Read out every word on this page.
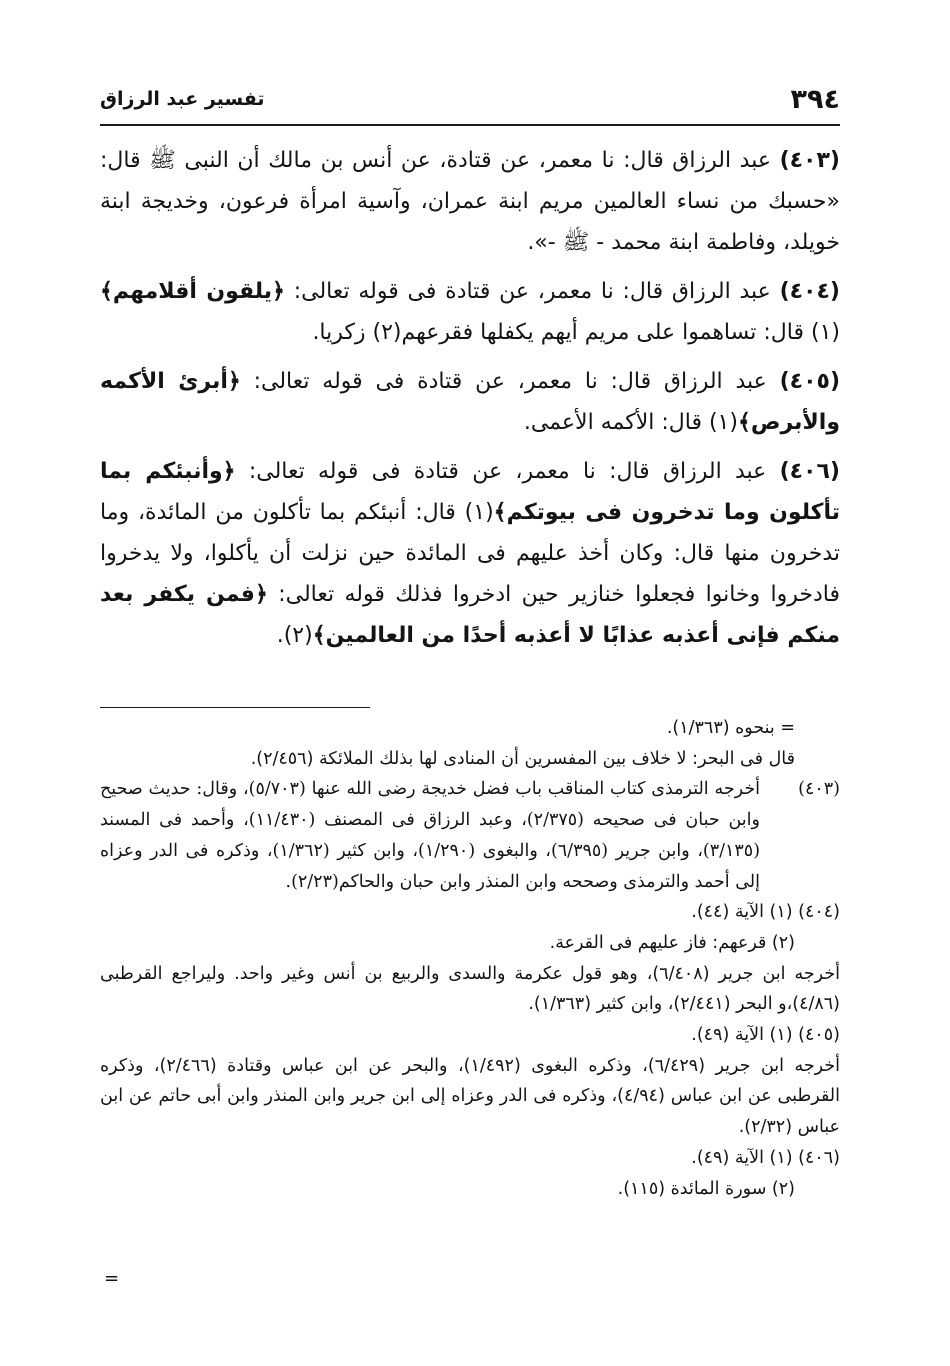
٣٩٤
تفسير عبد الرزاق

(٤٠٣) عبد الرزاق قال: نا معمر، عن قتادة، عن أنس بن مالك أن النبى ﷺ قال: «حسبك من نساء العالمين مريم ابنة عمران، وآسية امرأة فرعون، وخديجة ابنة خويلد، وفاطمة ابنة محمد - ﷺ -».

(٤٠٤) عبد الرزاق قال: نا معمر، عن قتادة فى قوله تعالى: ﴿يلقون أقلامهم﴾(١) قال: تساهموا على مريم أيهم يكفلها فقرعهم(٢) زكريا.

(٤٠٥) عبد الرزاق قال: نا معمر، عن قتادة فى قوله تعالى: ﴿أبرئ الأكمه والأبرص﴾(١) قال: الأكمه الأعمى.

(٤٠٦) عبد الرزاق قال: نا معمر، عن قتادة فى قوله تعالى: ﴿وأنبئكم بما تأكلون وما تدخرون فى بيوتكم﴾(١) قال: أنبئكم بما تأكلون من المائدة، وما تدخرون منها قال: وكان أخذ عليهم فى المائدة حين نزلت أن يأكلوا، ولا يدخروا فادخروا وخانوا فجعلوا خنازير حين ادخروا فذلك قوله تعالى: ﴿فمن يكفر بعد منكم فإنى أعذبه عذابًا لا أعذبه أحدًا من العالمين﴾(٢).

= بنحوه (١/٣٦٣).
قال فى البحر: لا خلاف بين المفسرين أن المنادى لها بذلك الملائكة (٢/٤٥٦).
(٤٠٣)
أخرجه الترمذى كتاب المناقب باب فضل خديجة رضى الله عنها (٥/٧٠٣)، وقال: حديث صحيح وابن حبان فى صحيحه (٢/٣٧٥)، وعبد الرزاق فى المصنف (١١/٤٣٠)، وأحمد فى المسند (٣/١٣٥)، وابن جرير (٦/٣٩٥)، والبغوى (١/٢٩٠)، وابن كثير (١/٣٦٢)، وذكره فى الدر وعزاه إلى أحمد والترمذى وصححه وابن المنذر وابن حبان والحاكم(٢/٢٣).
(٤٠٤) (١) الآية (٤٤).
(٢) قرعهم: فاز عليهم فى القرعة.
أخرجه ابن جرير (٦/٤٠٨)، وهو قول عكرمة والسدى والربيع بن أنس وغير واحد. وليراجع القرطبى (٤/٨٦)،و البحر (٢/٤٤١)، وابن كثير (١/٣٦٣).
(٤٠٥) (١) الآية (٤٩).
أخرجه ابن جرير (٦/٤٢٩)، وذكره البغوى (١/٤٩٢)، والبحر عن ابن عباس وقتادة (٢/٤٦٦)، وذكره القرطبى عن ابن عباس (٤/٩٤)، وذكره فى الدر وعزاه إلى ابن جرير وابن المنذر وابن أبى حاتم عن ابن عباس (٢/٣٢).
(٤٠٦) (١) الآية (٤٩).
(٢) سورة المائدة (١١٥).
=
